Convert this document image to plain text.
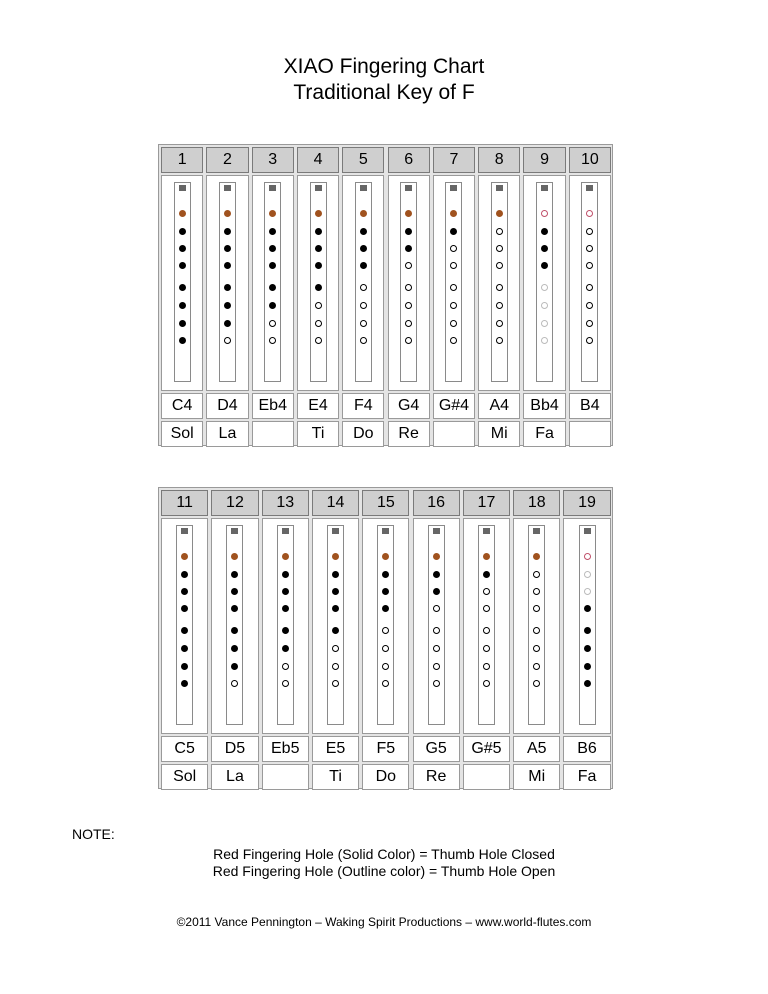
XIAO Fingering Chart
Traditional Key of F
1
C4
Sol
2
D4
La
3
Eb4
4
E4
Ti
5
F4
Do
6
G4
Re
7
G#4
8
A4
Mi
9
Bb4
Fa
10
B4
11
C5
Sol
12
D5
La
13
Eb5
14
E5
Ti
15
F5
Do
16
G5
Re
17
G#5
18
A5
Mi
19
B6
Fa
NOTE:
Red Fingering Hole (Solid Color) = Thumb Hole Closed
Red Fingering Hole (Outline color) = Thumb Hole Open
©2011 Vance Pennington – Waking Spirit Productions – www.world-flutes.com
